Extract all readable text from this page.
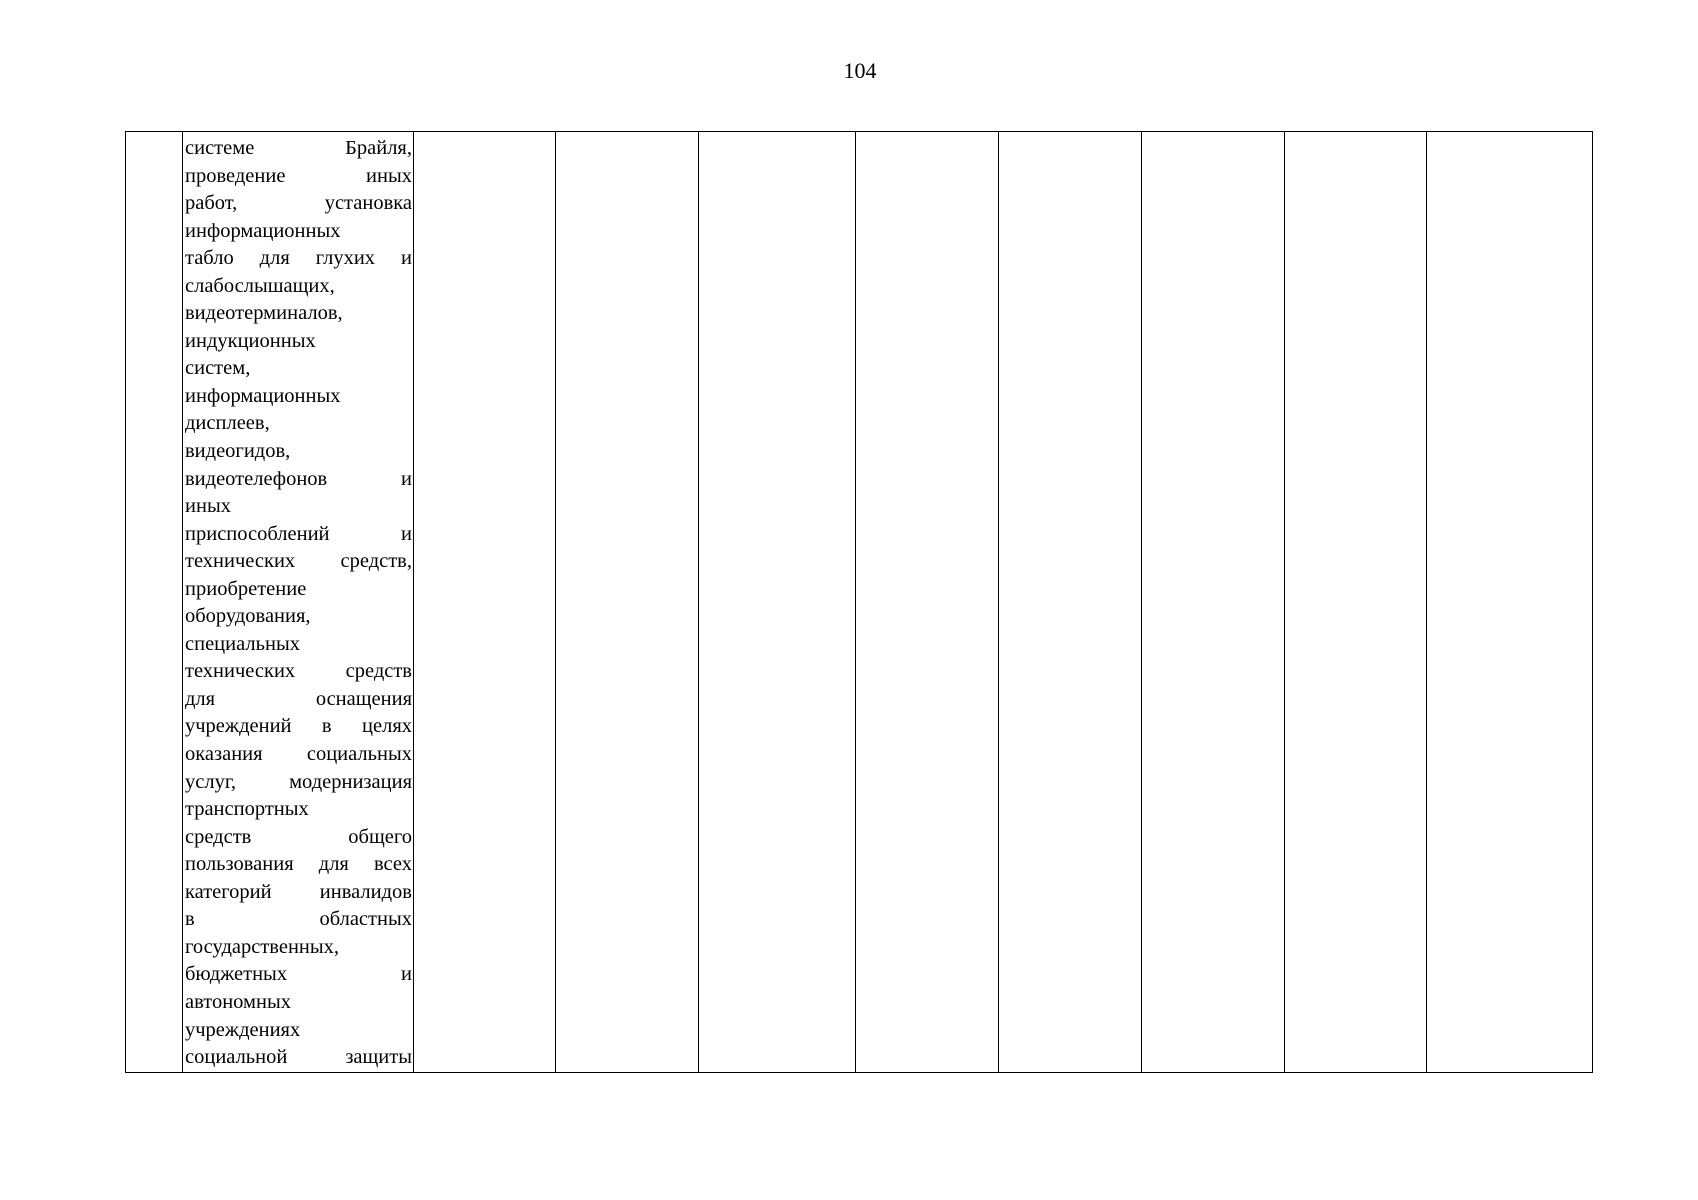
104

системе	Брайля,
проведение	иных
работ,	установка
информационных
табло для глухих и
слабослышащих,
видеотерминалов,
индукционных
систем,
информационных
дисплеев,
видеогидов,
видеотелефонов	и
иных
приспособлений	и
технических средств,
приобретение
оборудования,
специальных
технических средств
для	оснащения
учреждений в целях
оказания социальных
услуг,	модернизация
транспортных
средств	общего
пользования для всех
категорий инвалидов
в	областных
государственных,
бюджетных	и
автономных
учреждениях
социальной	защиты
